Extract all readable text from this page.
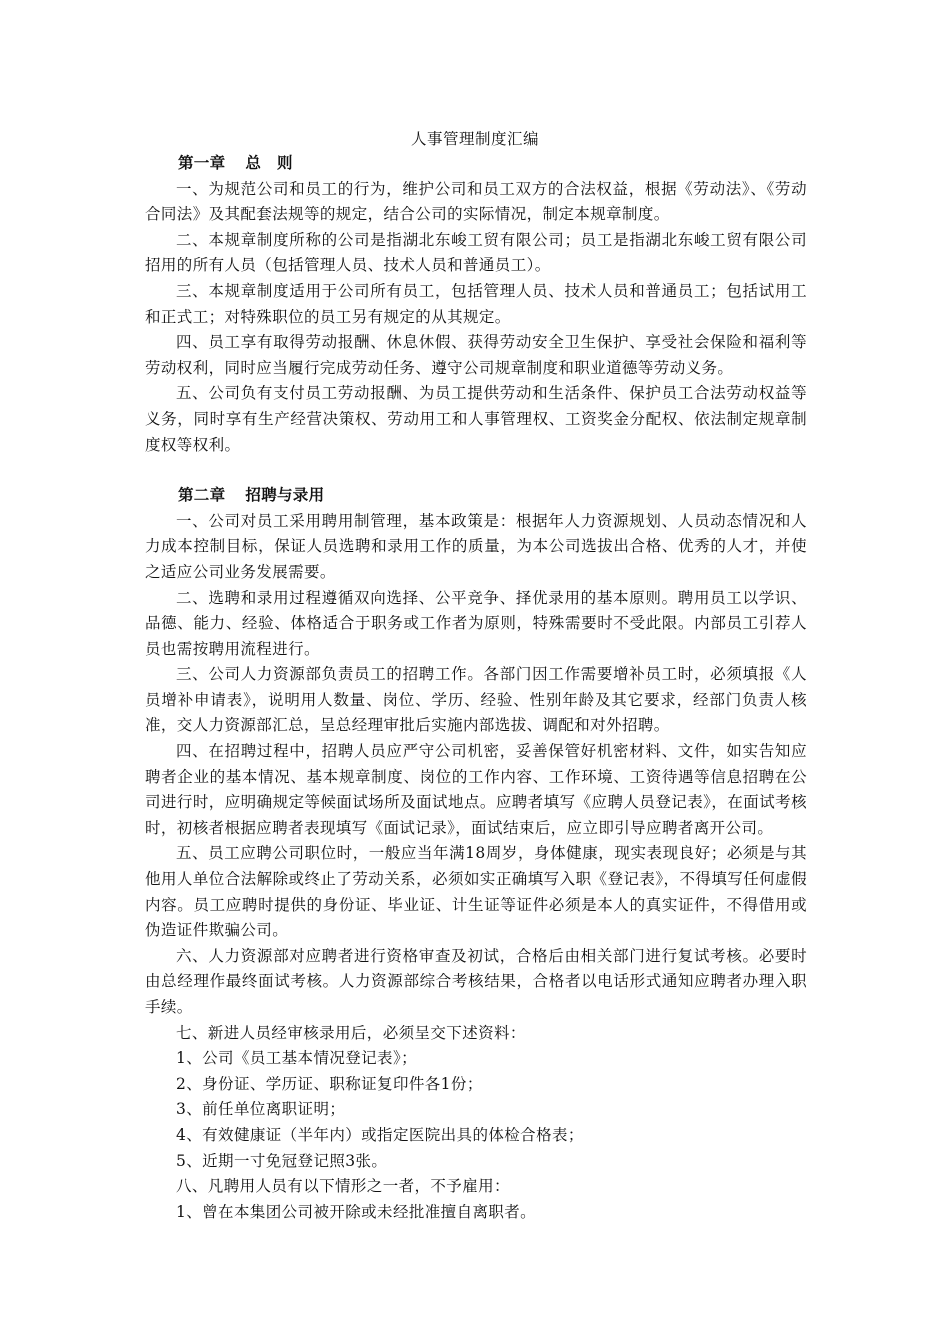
人事管理制度汇编
第一章 总　则

一、为规范公司和员工的行为，维护公司和员工双方的合法权益，根据《劳动法》、《劳动合同法》及其配套法规等的规定，结合公司的实际情况，制定本规章制度。

二、本规章制度所称的公司是指湖北东峻工贸有限公司；员工是指湖北东峻工贸有限公司招用的所有人员（包括管理人员、技术人员和普通员工）。

三、本规章制度适用于公司所有员工，包括管理人员、技术人员和普通员工；包括试用工和正式工；对特殊职位的员工另有规定的从其规定。

四、员工享有取得劳动报酬、休息休假、获得劳动安全卫生保护、享受社会保险和福利等劳动权利，同时应当履行完成劳动任务、遵守公司规章制度和职业道德等劳动义务。

五、公司负有支付员工劳动报酬、为员工提供劳动和生活条件、保护员工合法劳动权益等义务，同时享有生产经营决策权、劳动用工和人事管理权、工资奖金分配权、依法制定规章制度权等权利。

第二章 招聘与录用

一、公司对员工采用聘用制管理，基本政策是：根据年人力资源规划、人员动态情况和人力成本控制目标，保证人员选聘和录用工作的质量，为本公司选拔出合格、优秀的人才，并使之适应公司业务发展需要。

二、选聘和录用过程遵循双向选择、公平竞争、择优录用的基本原则。聘用员工以学识、品德、能力、经验、体格适合于职务或工作者为原则，特殊需要时不受此限。内部员工引荐人员也需按聘用流程进行。

三、公司人力资源部负责员工的招聘工作。各部门因工作需要增补员工时，必须填报《人员增补申请表》，说明用人数量、岗位、学历、经验、性别年龄及其它要求，经部门负责人核准，交人力资源部汇总，呈总经理审批后实施内部选拔、调配和对外招聘。

四、在招聘过程中，招聘人员应严守公司机密，妥善保管好机密材料、文件，如实告知应聘者企业的基本情况、基本规章制度、岗位的工作内容、工作环境、工资待遇等信息招聘在公司进行时，应明确规定等候面试场所及面试地点。应聘者填写《应聘人员登记表》，在面试考核时，初核者根据应聘者表现填写《面试记录》，面试结束后，应立即引导应聘者离开公司。

五、员工应聘公司职位时，一般应当年满18周岁，身体健康，现实表现良好；必须是与其他用人单位合法解除或终止了劳动关系，必须如实正确填写入职《登记表》，不得填写任何虚假内容。员工应聘时提供的身份证、毕业证、计生证等证件必须是本人的真实证件，不得借用或伪造证件欺骗公司。

六、人力资源部对应聘者进行资格审查及初试，合格后由相关部门进行复试考核。必要时由总经理作最终面试考核。人力资源部综合考核结果，合格者以电话形式通知应聘者办理入职手续。

七、新进人员经审核录用后，必须呈交下述资料：

1、公司《员工基本情况登记表》；

2、身份证、学历证、职称证复印件各1份；

3、前任单位离职证明；

4、有效健康证（半年内）或指定医院出具的体检合格表；

5、近期一寸免冠登记照3张。

八、凡聘用人员有以下情形之一者，不予雇用：

1、曾在本集团公司被开除或未经批准擅自离职者。
